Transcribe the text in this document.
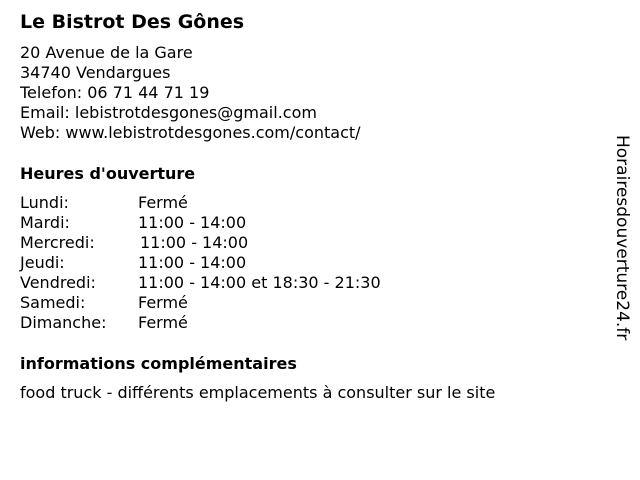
Le Bistrot Des Gônes
20 Avenue de la Gare
34740 Vendargues
Telefon: 06 71 44 71 19
Email: lebistrotdesgones@gmail.com
Web: www.lebistrotdesgones.com/contact/
Heures d'ouverture
Lundi:	Fermé
Mardi:	11:00 - 14:00
Mercredi:	11:00 - 14:00
Jeudi:	11:00 - 14:00
Vendredi:	11:00 - 14:00 et 18:30 - 21:30
Samedi:	Fermé
Dimanche: Fermé
informations complémentaires
food truck - différents emplacements à consulter sur le site
Horairesdouverture24.fr
